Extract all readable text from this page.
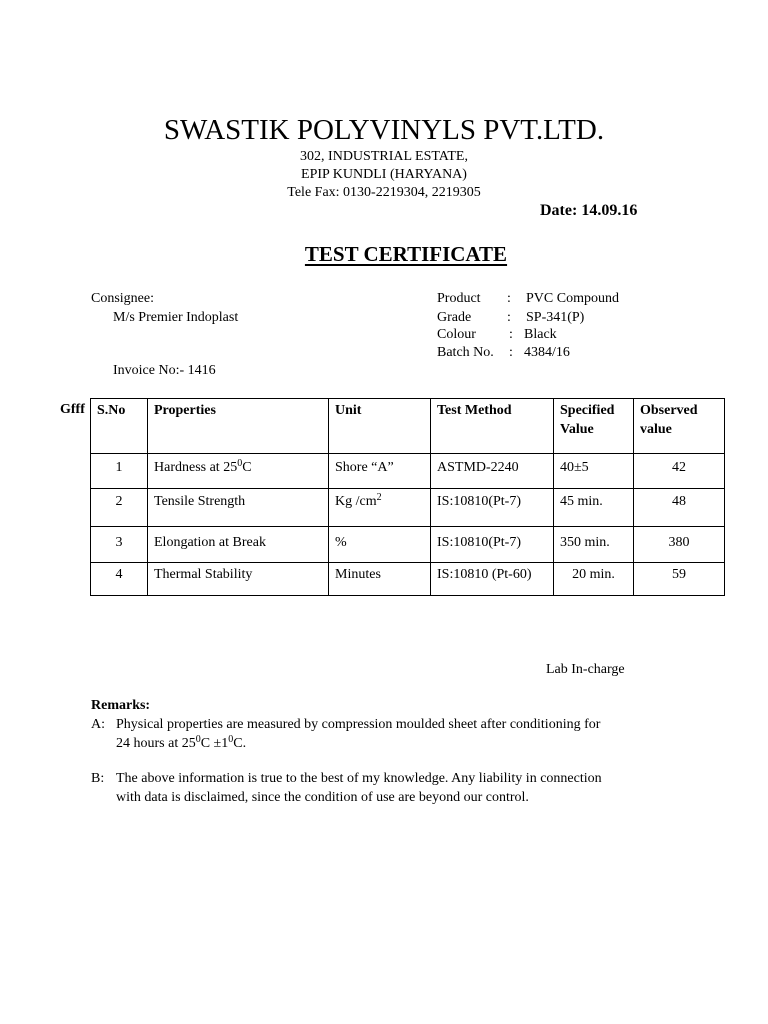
SWASTIK POLYVINYLS PVT.LTD.
302, INDUSTRIAL ESTATE,
EPIP KUNDLI (HARYANA)
Tele Fax: 0130-2219304, 2219305
Date: 14.09.16
TEST CERTIFICATE
Consignee:
M/s Premier Indoplast
Invoice No:- 1416
Product : PVC Compound
Grade	: SP-341(P)
Colour : Black
Batch No. : 4384/16
Gfff S.No	Properties	Unit	Test Method	Specified Value	Observed value
1	Hardness at $25^0C$	Shore “A”	ASTMD-2240	40±5	42
2	Tensile Strength	Kg $/cm^2$	IS:10810(Pt-7)	45 min.	48
3	Elongation at Break	%	IS:10810(Pt-7)	350 min.	380
4	Thermal Stability	Minutes	IS:10810 (Pt-60)	20 min.	59
Lab In-charge
Remarks:
A: Physical properties are measured by compression moulded sheet after conditioning for
24 hours at $25^0C \pm 1^0C$.
B: The above information is true to the best of my knowledge. Any liability in connection
with data is disclaimed, since the condition of use are beyond our control.
